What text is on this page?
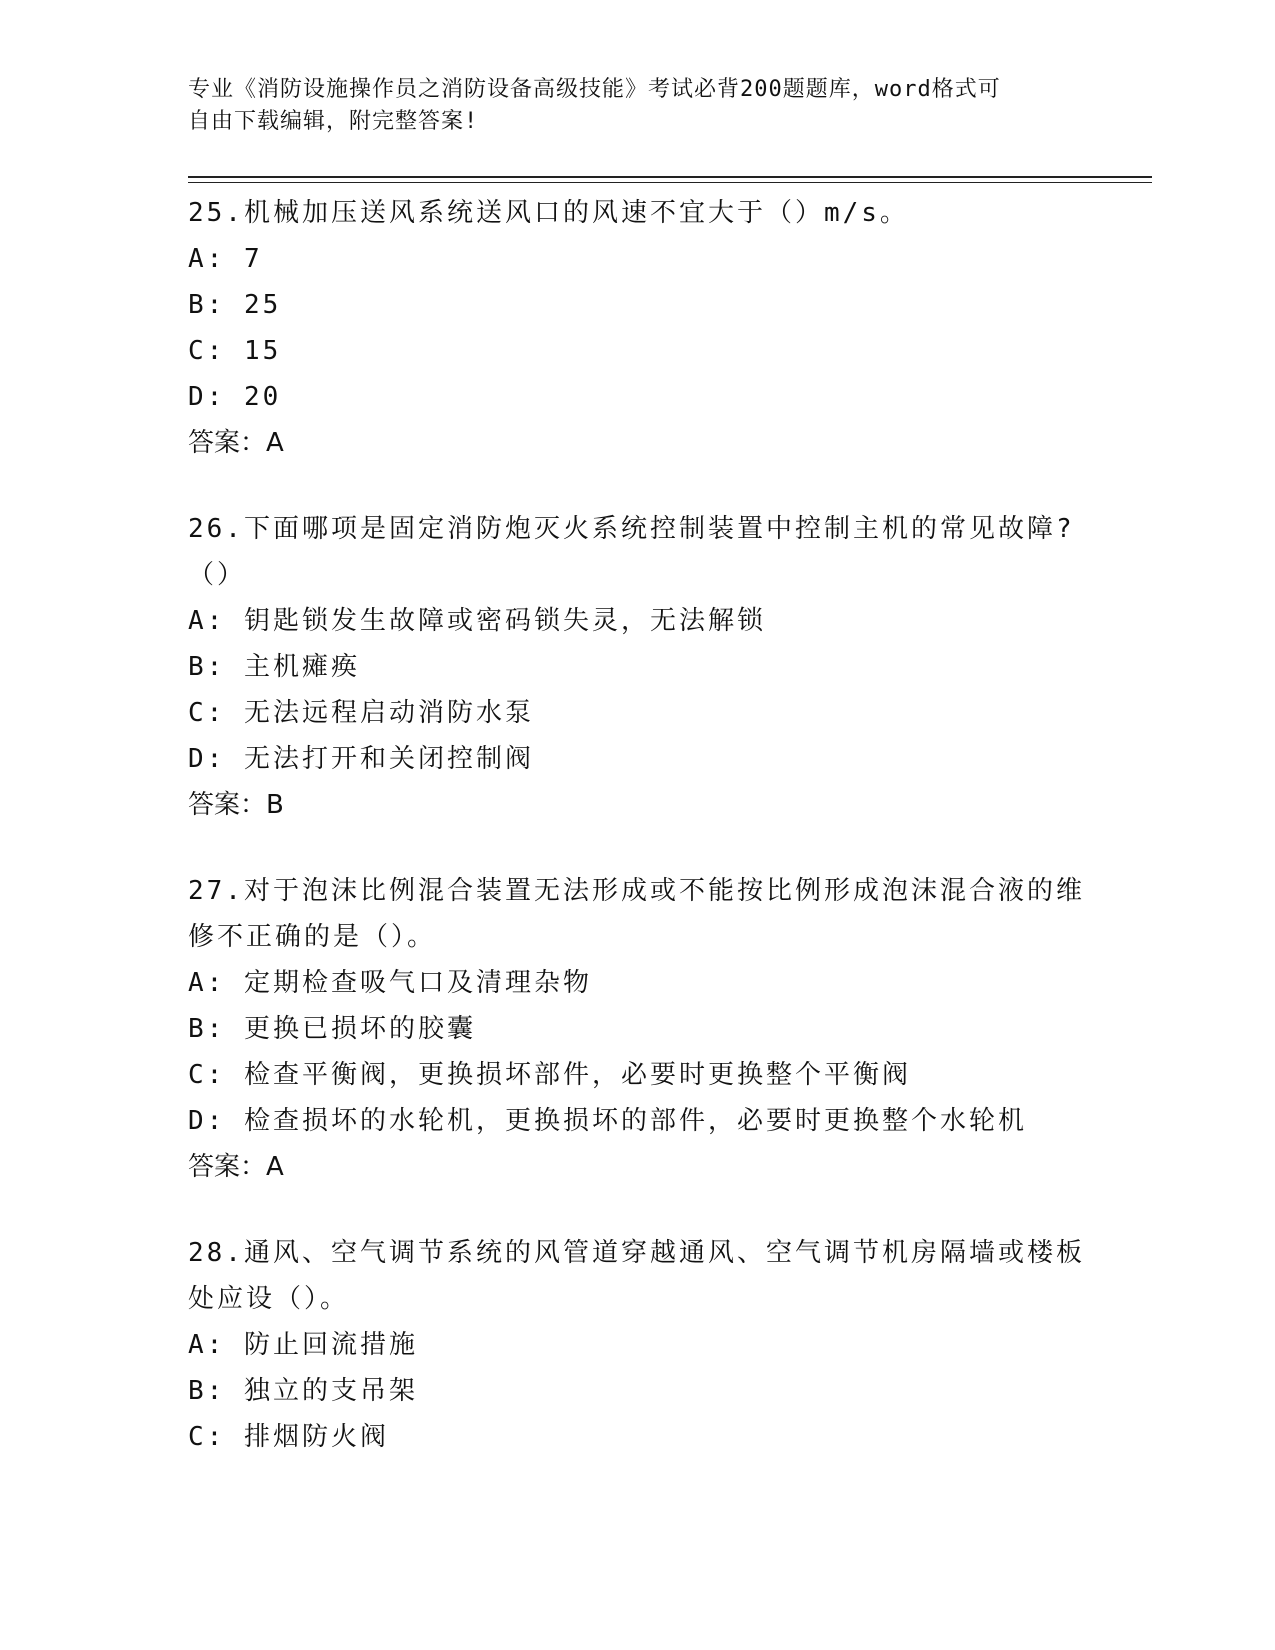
专业《消防设施操作员之消防设备高级技能》考试必背200题题库，word格式可
自由下载编辑，附完整答案!

25.机械加压送风系统送风口的风速不宜大于（）m/s。

A: 7

B: 25

C: 15

D: 20

答案：A

26.下面哪项是固定消防炮灭火系统控制装置中控制主机的常见故障?（）

A: 钥匙锁发生故障或密码锁失灵，无法解锁

B: 主机瘫痪

C: 无法远程启动消防水泵

D: 无法打开和关闭控制阀

答案：B

27.对于泡沫比例混合装置无法形成或不能按比例形成泡沫混合液的维修不正确的是（）。

A: 定期检查吸气口及清理杂物

B: 更换已损坏的胶囊

C: 检查平衡阀，更换损坏部件，必要时更换整个平衡阀

D: 检查损坏的水轮机，更换损坏的部件，必要时更换整个水轮机

答案：A

28.通风、空气调节系统的风管道穿越通风、空气调节机房隔墙或楼板处应设（）。

A: 防止回流措施

B: 独立的支吊架

C: 排烟防火阀
